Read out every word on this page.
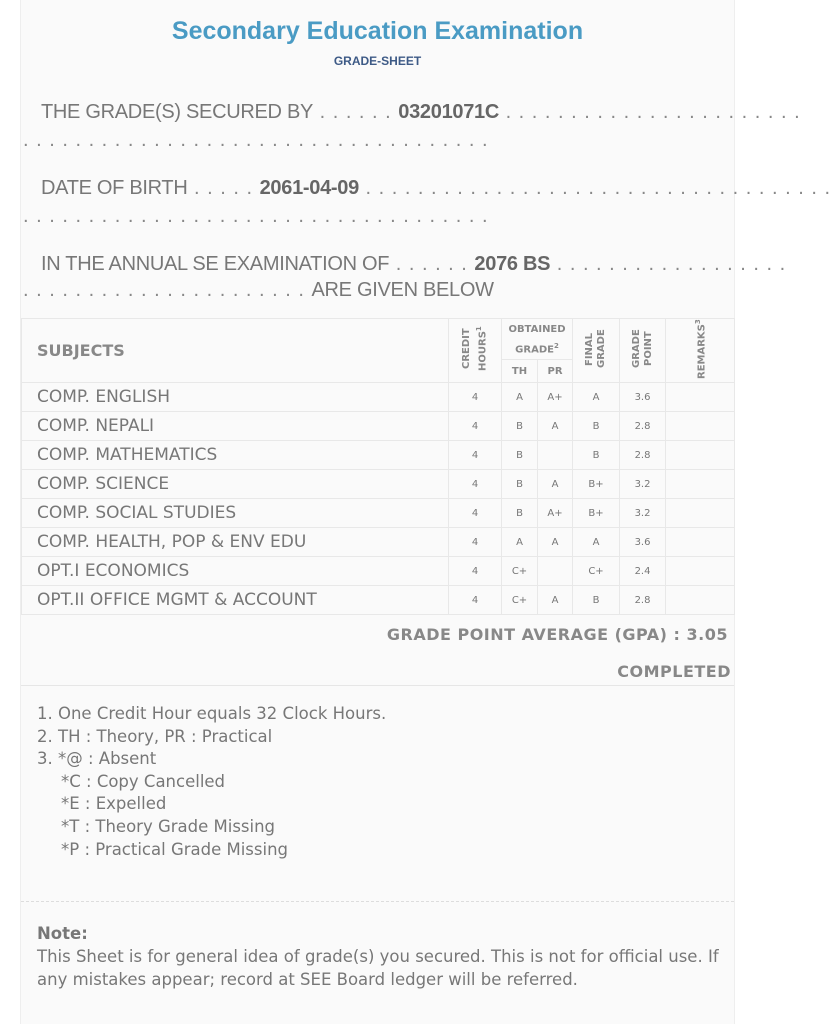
Secondary Education Examination
GRADE-SHEET
THE GRADE(S) SECURED BY . . . . . . 03201071C . . . . . . . . . . . . . . . . . . . . . . .
. . . . . . . . . . . . . . . . . . . . . . . . . . . . . . . . . . . .
DATE OF BIRTH . . . . . 2061-04-09 . . . . . . . . . . . . . . . . . . . . . . . . . . . . . . . . . . . .
. . . . . . . . . . . . . . . . . . . . . . . . . . . . . . . . . . . .
IN THE ANNUAL SE EXAMINATION OF . . . . . . 2076 BS . . . . . . . . . . . . . . . . . .
. . . . . . . . . . . . . . . . . . . . . . ARE GIVEN BELOW
SUBJECTS	CREDIT HOURS$^1$	OBTAINED GRADE$^2$		FINAL GRADE	GRADE POINT	REMARKS$^3$
		TH	PR			
COMP. ENGLISH	4	A	A+	A	3.6	
COMP. NEPALI	4	B	A	B	2.8	
COMP. MATHEMATICS	4	B		B	2.8	
COMP. SCIENCE	4	B	A	B+	3.2	
COMP. SOCIAL STUDIES	4	B	A+	B+	3.2	
COMP. HEALTH, POP & ENV EDU	4	A	A	A	3.6	
OPT.I ECONOMICS	4	C+		C+	2.4	
OPT.II OFFICE MGMT & ACCOUNT	4	C+	A	B	2.8	
GRADE POINT AVERAGE (GPA) : 3.05
COMPLETED
1. One Credit Hour equals 32 Clock Hours.
2. TH : Theory, PR : Practical
3. *@ : Absent
*C : Copy Cancelled
*E : Expelled
*T : Theory Grade Missing
*P : Practical Grade Missing
Note:
This Sheet is for general idea of grade(s) you secured. This is not for official use. If any mistakes appear; record at SEE Board ledger will be referred.
